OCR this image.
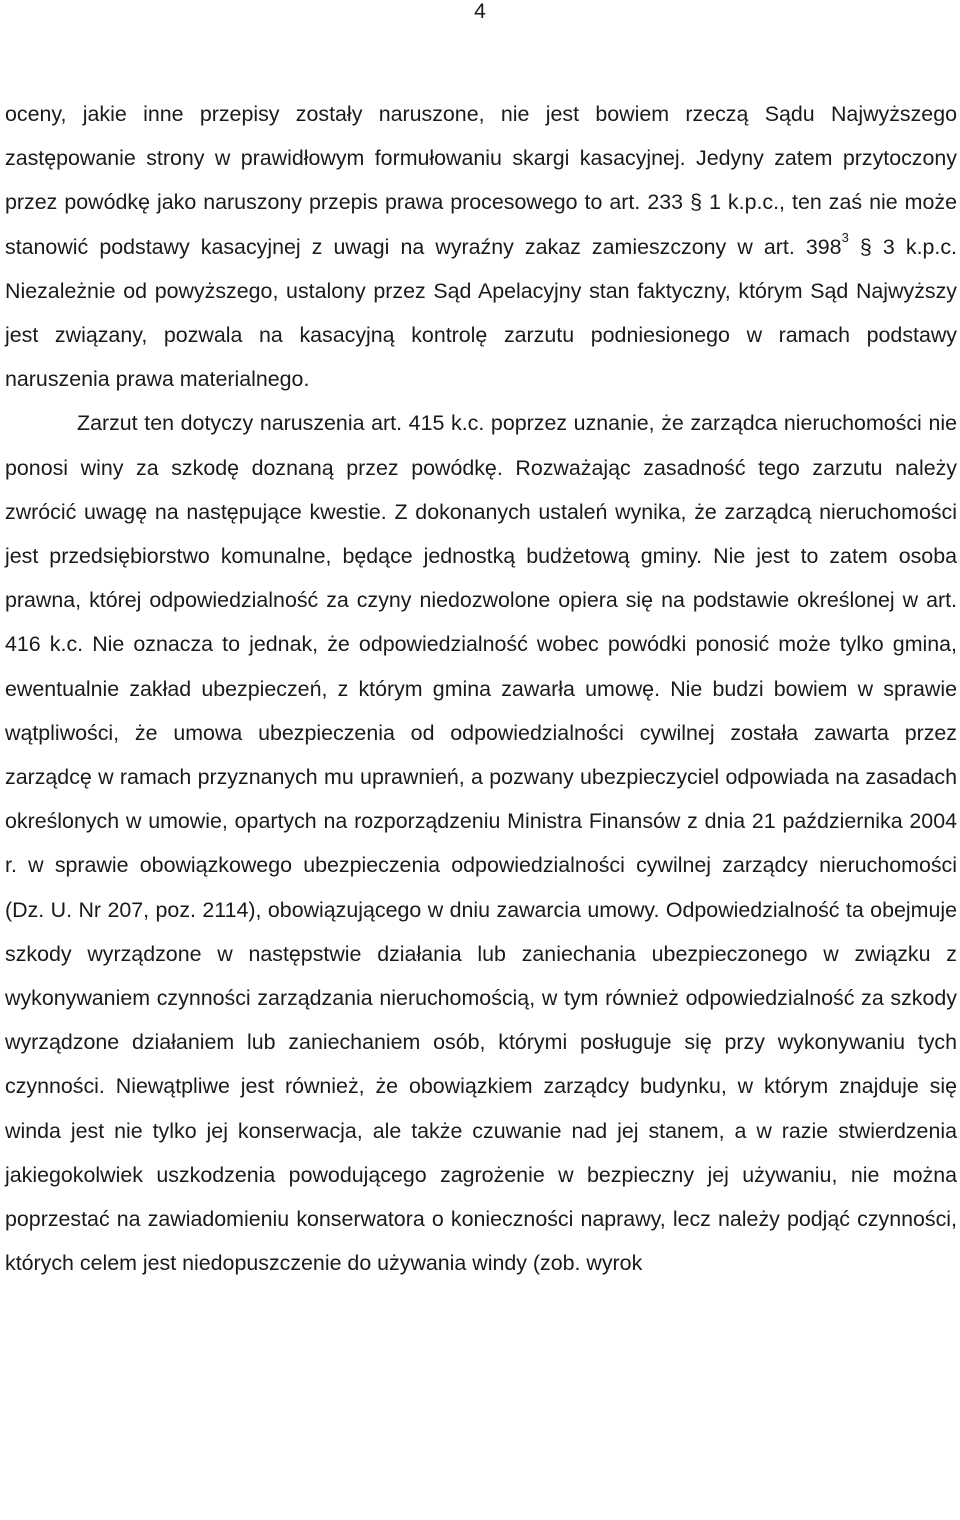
4

oceny, jakie inne przepisy zostały naruszone, nie jest bowiem rzeczą Sądu Najwyższego zastępowanie strony w prawidłowym formułowaniu skargi kasacyjnej. Jedyny zatem przytoczony przez powódkę jako naruszony przepis prawa procesowego to art. 233 § 1 k.p.c., ten zaś nie może stanowić podstawy kasacyjnej z uwagi na wyraźny zakaz zamieszczony w art. $398^3$ § 3 k.p.c. Niezależnie od powyższego, ustalony przez Sąd Apelacyjny stan faktyczny, którym Sąd Najwyższy jest związany, pozwala na kasacyjną kontrolę zarzutu podniesionego w ramach podstawy naruszenia prawa materialnego.

Zarzut ten dotyczy naruszenia art. 415 k.c. poprzez uznanie, że zarządca nieruchomości nie ponosi winy za szkodę doznaną przez powódkę. Rozważając zasadność tego zarzutu należy zwrócić uwagę na następujące kwestie. Z dokonanych ustaleń wynika, że zarządcą nieruchomości jest przedsiębiorstwo komunalne, będące jednostką budżetową gminy. Nie jest to zatem osoba prawna, której odpowiedzialność za czyny niedozwolone opiera się na podstawie określonej w art. 416 k.c. Nie oznacza to jednak, że odpowiedzialność wobec powódki ponosić może tylko gmina, ewentualnie zakład ubezpieczeń, z którym gmina zawarła umowę. Nie budzi bowiem w sprawie wątpliwości, że umowa ubezpieczenia od odpowiedzialności cywilnej została zawarta przez zarządcę w ramach przyznanych mu uprawnień, a pozwany ubezpieczyciel odpowiada na zasadach określonych w umowie, opartych na rozporządzeniu Ministra Finansów z dnia 21 października 2004 r. w sprawie obowiązkowego ubezpieczenia odpowiedzialności cywilnej zarządcy nieruchomości (Dz. U. Nr 207, poz. 2114), obowiązującego w dniu zawarcia umowy. Odpowiedzialność ta obejmuje szkody wyrządzone w następstwie działania lub zaniechania ubezpieczonego w związku z wykonywaniem czynności zarządzania nieruchomością, w tym również odpowiedzialność za szkody wyrządzone działaniem lub zaniechaniem osób, którymi posługuje się przy wykonywaniu tych czynności. Niewątpliwe jest również, że obowiązkiem zarządcy budynku, w którym znajduje się winda jest nie tylko jej konserwacja, ale także czuwanie nad jej stanem, a w razie stwierdzenia jakiegokolwiek uszkodzenia powodującego zagrożenie w bezpieczny jej używaniu, nie można poprzestać na zawiadomieniu konserwatora o konieczności naprawy, lecz należy podjąć czynności, których celem jest niedopuszczenie do używania windy (zob. wyrok
